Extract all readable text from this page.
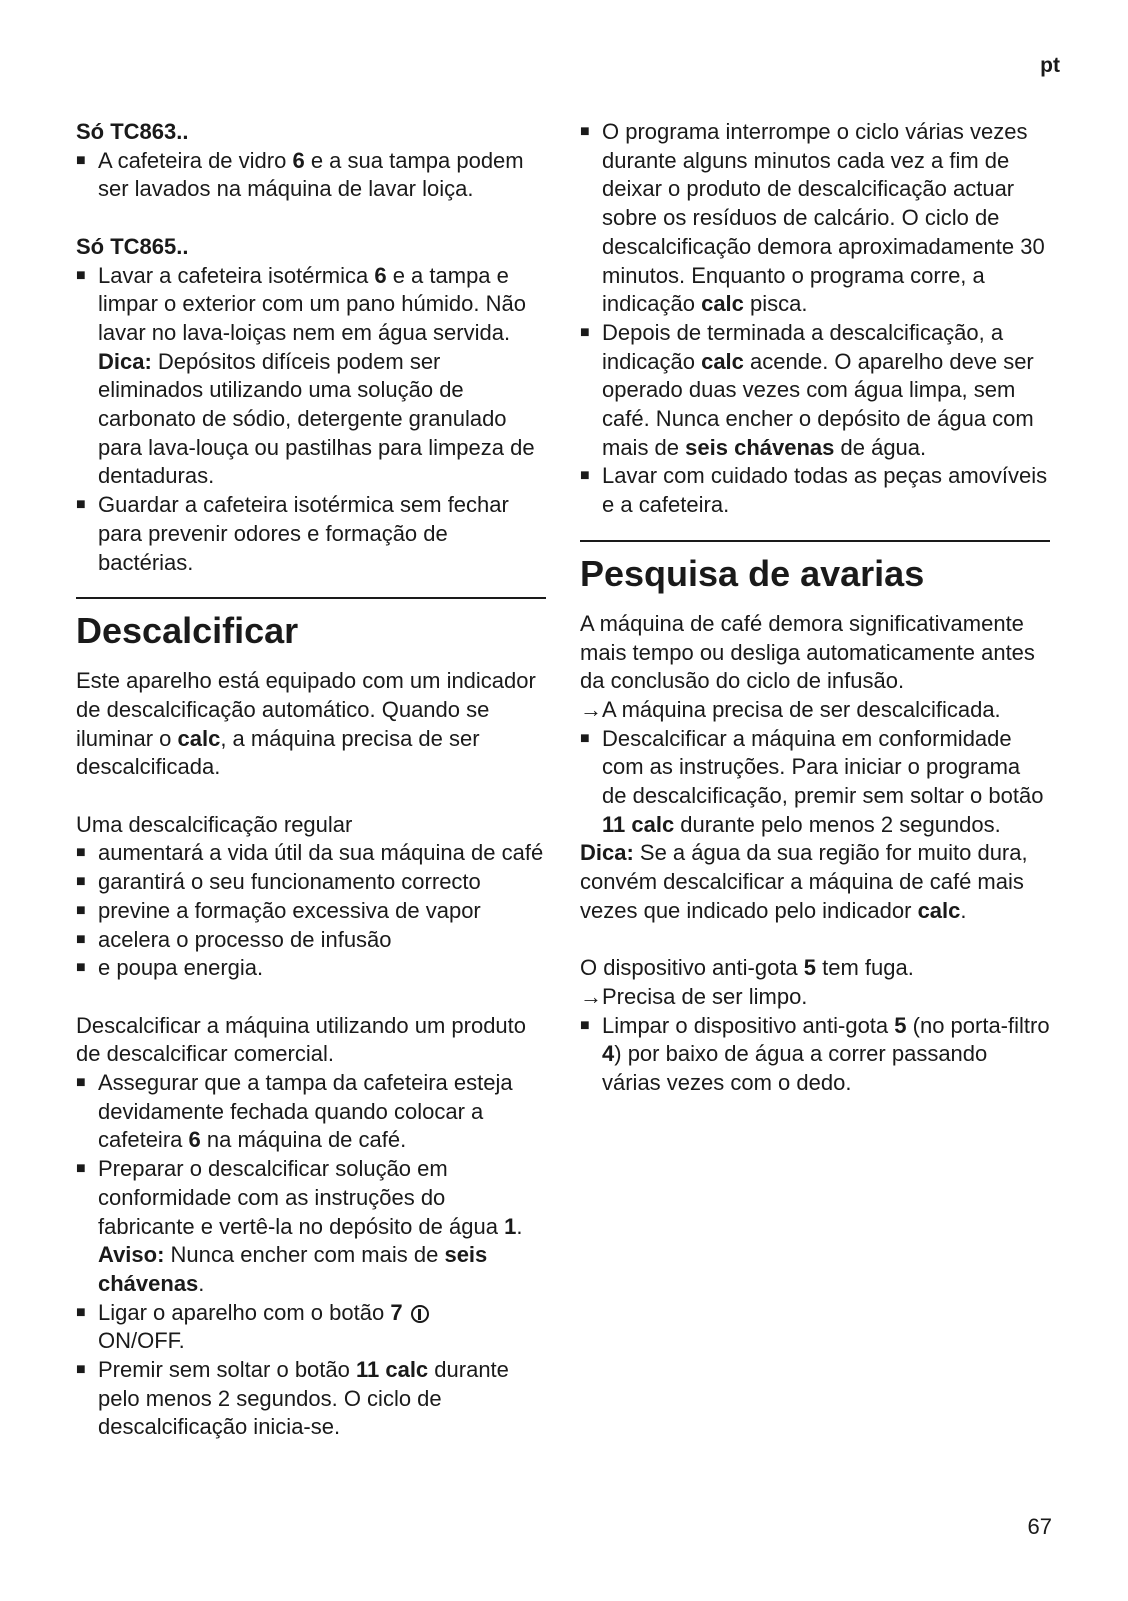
pt

Só TC863..

■ A cafeteira de vidro 6 e a sua tampa podem ser lavados na máquina de lavar loiça.

Só TC865..

■ Lavar a cafeteira isotérmica 6 e a tampa e limpar o exterior com um pano húmido. Não lavar no lava-loiças nem em água servida.

Dica: Depósitos difíceis podem ser eliminados utilizando uma solução de carbonato de sódio, detergente granulado para lava-louça ou pastilhas para limpeza de dentaduras.

■ Guardar a cafeteira isotérmica sem fechar para prevenir odores e formação de bactérias.

Descalcificar

Este aparelho está equipado com um indicador de descalcificação automático. Quando se iluminar o calc, a máquina precisa de ser descalcificada.

Uma descalcificação regular

■ aumentará a vida útil da sua máquina de café

■ garantirá o seu funcionamento correcto

■ previne a formação excessiva de vapor

■ acelera o processo de infusão

■ e poupa energia.

Descalcificar a máquina utilizando um produto de descalcificar comercial.

■ Assegurar que a tampa da cafeteira esteja devidamente fechada quando colocar a cafeteira 6 na máquina de café.

■ Preparar o descalcificar solução em conformidade com as instruções do fabricante e vertê-la no depósito de água 1.

Aviso: Nunca encher com mais de seis chávenas.

■ Ligar o aparelho com o botão 7

ON/OFF.

■ Premir sem soltar o botão 11 calc durante pelo menos 2 segundos. O ciclo de descalcificação inicia-se.

■ O programa interrompe o ciclo várias vezes durante alguns minutos cada vez a fim de deixar o produto de descalcificação actuar sobre os resíduos de calcário. O ciclo de descalcificação demora aproximadamente 30 minutos. Enquanto o programa corre, a indicação calc pisca.

■ Depois de terminada a descalcificação, a indicação calc acende. O aparelho deve ser operado duas vezes com água limpa, sem café. Nunca encher o depósito de água com mais de seis chávenas de água.

■ Lavar com cuidado todas as peças amovíveis e a cafeteira.

Pesquisa de avarias

A máquina de café demora significativamente mais tempo ou desliga automaticamente antes da conclusão do ciclo de infusão.

→ A máquina precisa de ser descalcificada.

■ Descalcificar a máquina em conformidade com as instruções. Para iniciar o programa de descalcificação, premir sem soltar o botão 11 calc durante pelo menos 2 segundos.

Dica: Se a água da sua região for muito dura, convém descalcificar a máquina de café mais vezes que indicado pelo indicador calc.

O dispositivo anti-gota 5 tem fuga.

→ Precisa de ser limpo.

■ Limpar o dispositivo anti-gota 5 (no porta-filtro 4) por baixo de água a correr passando várias vezes com o dedo.

67
